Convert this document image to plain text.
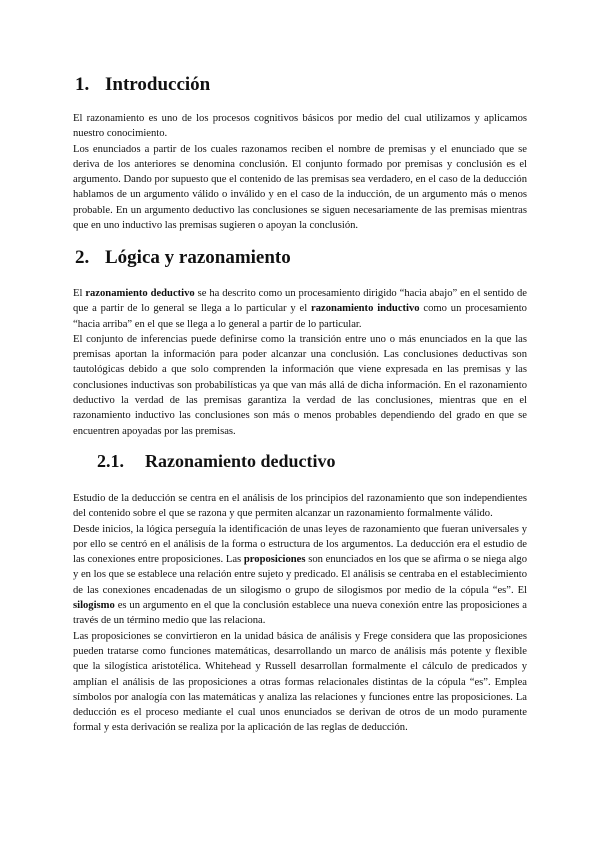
1. Introducción

El razonamiento es uno de los procesos cognitivos básicos por medio del cual utilizamos y aplicamos nuestro conocimiento.

Los enunciados a partir de los cuales razonamos reciben el nombre de premisas y el enunciado que se deriva de los anteriores se denomina conclusión. El conjunto formado por premisas y conclusión es el argumento. Dando por supuesto que el contenido de las premisas sea verdadero, en el caso de la deducción hablamos de un argumento válido o inválido y en el caso de la inducción, de un argumento más o menos probable. En un argumento deductivo las conclusiones se siguen necesariamente de las premisas mientras que en uno inductivo las premisas sugieren o apoyan la conclusión.

2. Lógica y razonamiento

El razonamiento deductivo se ha descrito como un procesamiento dirigido “hacia abajo” en el sentido de que a partir de lo general se llega a lo particular y el razonamiento inductivo como un procesamiento “hacia arriba” en el que se llega a lo general a partir de lo particular.

El conjunto de inferencias puede definirse como la transición entre uno o más enunciados en la que las premisas aportan la información para poder alcanzar una conclusión. Las conclusiones deductivas son tautológicas debido a que solo comprenden la información que viene expresada en las premisas y las conclusiones inductivas son probabilísticas ya que van más allá de dicha información. En el razonamiento deductivo la verdad de las premisas garantiza la verdad de las conclusiones, mientras que en el razonamiento inductivo las conclusiones son más o menos probables dependiendo del grado en que se encuentren apoyadas por las premisas.

2.1.	Razonamiento deductivo

Estudio de la deducción se centra en el análisis de los principios del razonamiento que son independientes del contenido sobre el que se razona y que permiten alcanzar un razonamiento formalmente válido.

Desde inicios, la lógica perseguía la identificación de unas leyes de razonamiento que fueran universales y por ello se centró en el análisis de la forma o estructura de los argumentos. La deducción era el estudio de las conexiones entre proposiciones. Las proposiciones son enunciados en los que se afirma o se niega algo y en los que se establece una relación entre sujeto y predicado. El análisis se centraba en el establecimiento de las conexiones encadenadas de un silogismo o grupo de silogismos por medio de la cópula “es”. El silogismo es un argumento en el que la conclusión establece una nueva conexión entre las proposiciones a través de un término medio que las relaciona.

Las proposiciones se convirtieron en la unidad básica de análisis y Frege considera que las proposiciones pueden tratarse como funciones matemáticas, desarrollando un marco de análisis más potente y flexible que la silogística aristotélica. Whitehead y Russell desarrollan formalmente el cálculo de predicados y amplían el análisis de las proposiciones a otras formas relacionales distintas de la cópula “es”. Emplea símbolos por analogía con las matemáticas y analiza las relaciones y funciones entre las proposiciones. La deducción es el proceso mediante el cual unos enunciados se derivan de otros de un modo puramente formal y esta derivación se realiza por la aplicación de las reglas de deducción.
